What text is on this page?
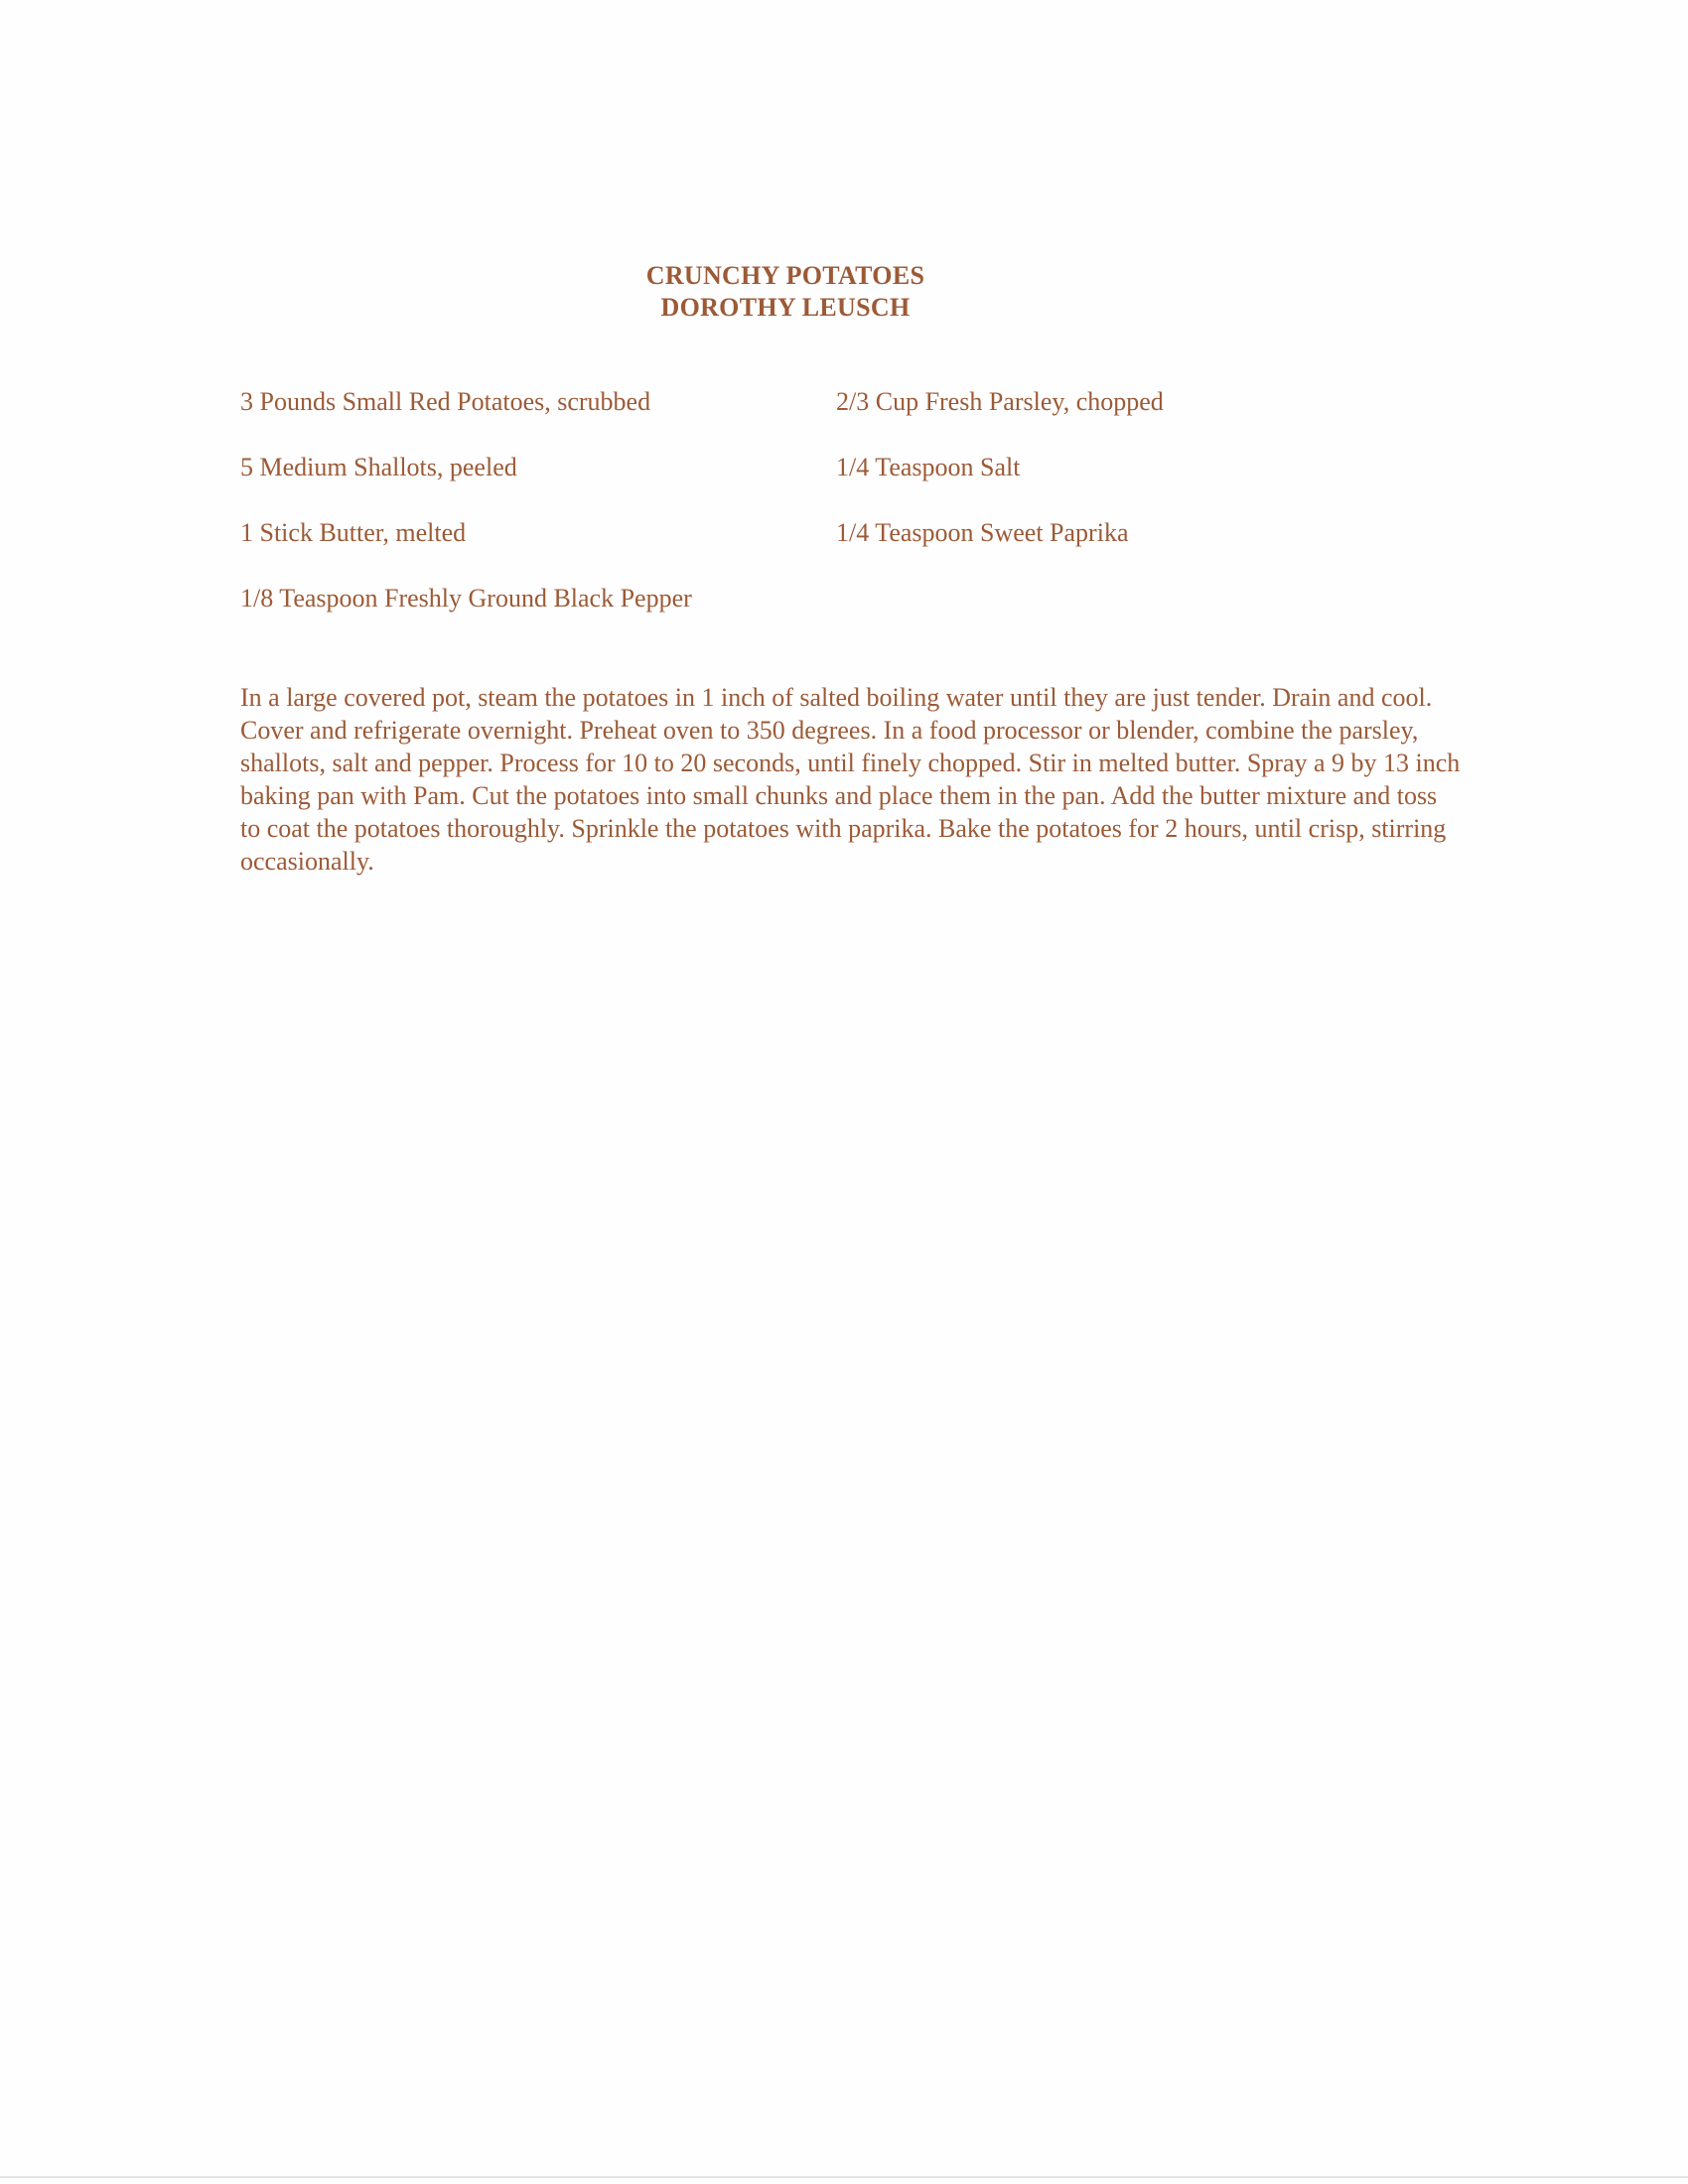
CRUNCHY POTATOES
DOROTHY LEUSCH
3 Pounds Small Red Potatoes, scrubbed	2/3 Cup Fresh Parsley, chopped
5 Medium Shallots, peeled	1/4 Teaspoon Salt
1 Stick Butter, melted	1/4 Teaspoon Sweet Paprika
1/8 Teaspoon Freshly Ground Black Pepper

In a large covered pot, steam the potatoes in 1 inch of salted boiling water until they are just tender. Drain and cool. Cover and refrigerate overnight. Preheat oven to 350 degrees. In a food processor or blender, combine the parsley, shallots, salt and pepper. Process for 10 to 20 seconds, until finely chopped. Stir in melted butter. Spray a 9 by 13 inch baking pan with Pam. Cut the potatoes into small chunks and place them in the pan. Add the butter mixture and toss to coat the potatoes thoroughly. Sprinkle the potatoes with paprika. Bake the potatoes for 2 hours, until crisp, stirring occasionally.
